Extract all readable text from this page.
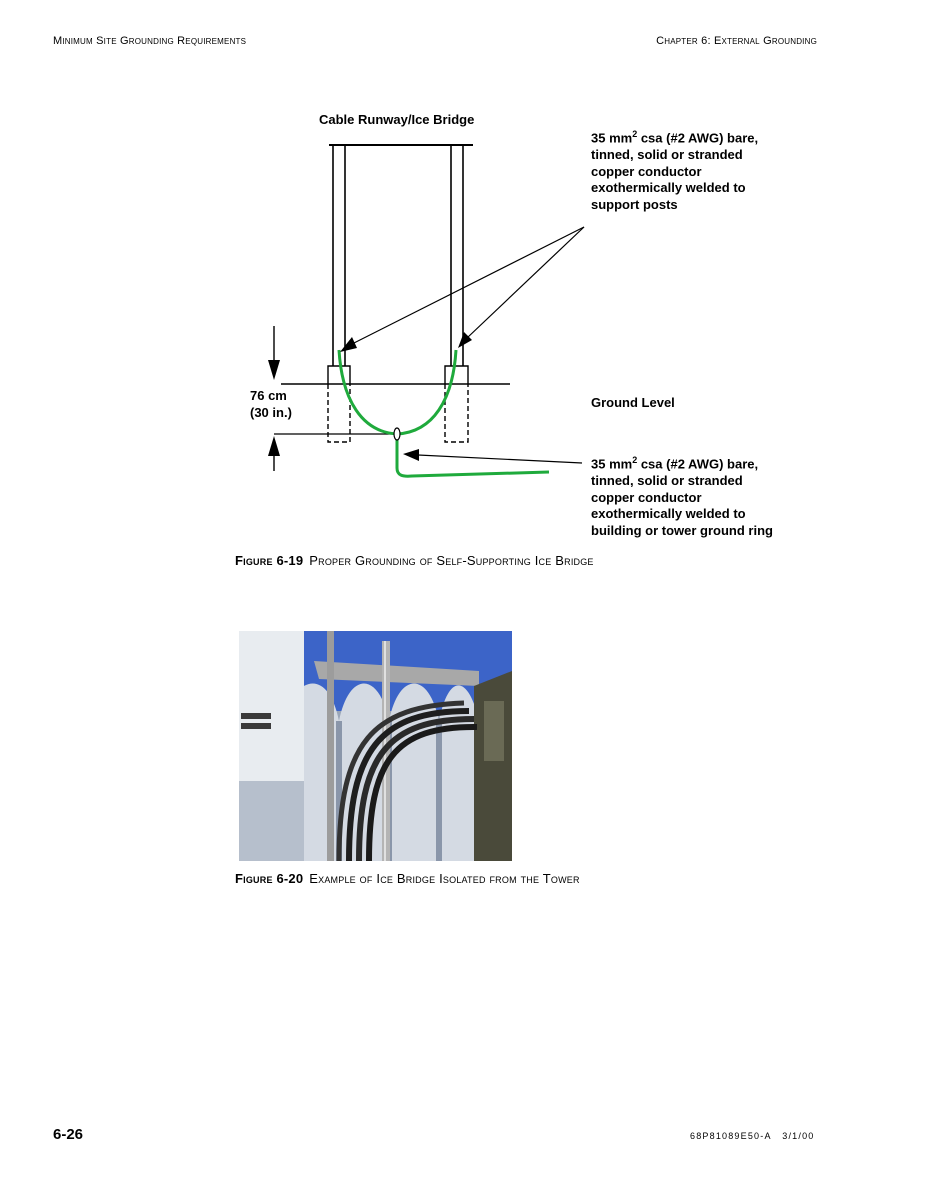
Minimum Site Grounding Requirements	Chapter 6: External Grounding
Cable Runway/Ice Bridge
35 $mm^2$ csa (#2 AWG) bare,
tinned, solid or stranded
copper conductor
exothermically welded to
support posts
76 cm
(30 in.)
Ground Level
35 $mm^2$ csa (#2 AWG) bare,
tinned, solid or stranded
copper conductor
exothermically welded to
building or tower ground ring
Figure 6-19 Proper Grounding of Self-Supporting Ice Bridge
Figure 6-20 Example of Ice Bridge Isolated from the Tower
6-26	68P81089E50-A   3/1/00
